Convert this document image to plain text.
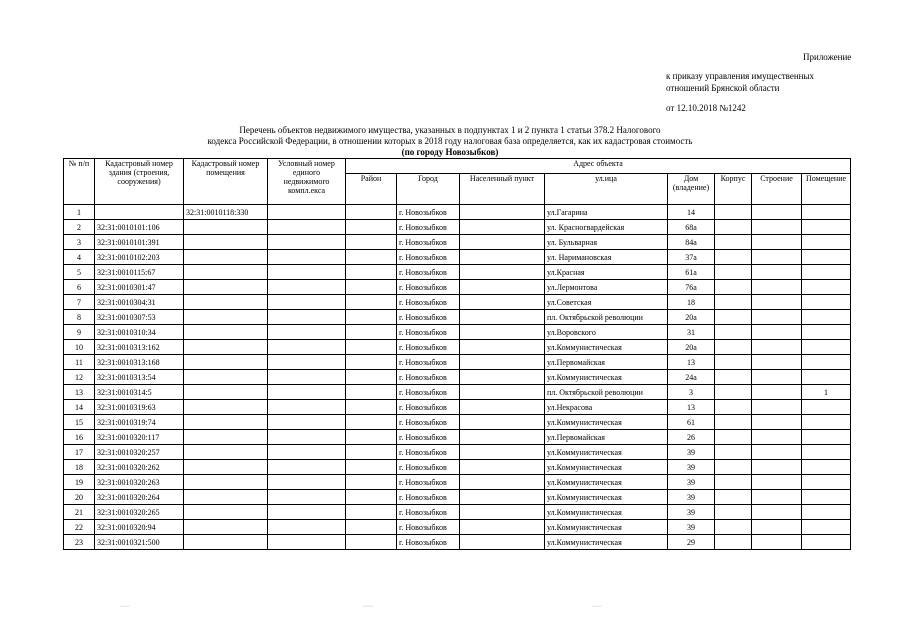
Приложение
к приказу управления имущественных
отношений Брянской области
от 12.10.2018 №1242
Перечень объектов недвижимого имущества, указанных в подпунктах 1 и 2 пункта 1 статьи 378.2 Налогового
кодекса Российской Федерации, в отношении которых в 2018 году налоговая база определяется, как их кадастровая стоимость
(по городу Новозыбков)
№ п/п	Кадастровый номер здания (строения, сооружения)	Кадастровый номер помещения	Условный номер единого недвижимого компл.екса	Адрес объекта							
				Район	Город	Населенный пункт	ул.ица	Дом (владение)	Корпус	Строение	Помещение
1		32:31:0010118:330			г. Новозыбков		ул.Гагарина	14			
2	32:31:0010101:106				г. Новозыбков		ул. Красногвардейская	68а			
3	32:31:0010101:391				г. Новозыбков		ул. Бульварная	84а			
4	32:31:0010102:203				г. Новозыбков		ул. Наримановская	37а			
5	32:31:0010115:67				г. Новозыбков		ул.Красная	61а			
6	32:31:0010301:47				г. Новозыбков		ул.Лермонтова	76а			
7	32:31:0010304:31				г. Новозыбков		ул.Советская	18			
8	32:31:0010307:53				г. Новозыбков		пл. Октябрьской революции	20а			
9	32:31:0010310:34				г. Новозыбков		ул.Воровского	31			
10	32:31:0010313:162				г. Новозыбков		ул.Коммунистическая	20а			
11	32:31:0010313:168				г. Новозыбков		ул.Первомайская	13			
12	32:31:0010313:54				г. Новозыбков		ул.Коммунистическая	24а			
13	32:31:0010314:5				г. Новозыбков		пл. Октябрьской революции	3			1
14	32:31:0010319:63				г. Новозыбков		ул.Некрасова	13			
15	32:31:0010319:74				г. Новозыбков		ул.Коммунистическая	61			
16	32:31:0010320:117				г. Новозыбков		ул.Первомайская	26			
17	32:31:0010320:257				г. Новозыбков		ул.Коммунистическая	39			
18	32:31:0010320:262				г. Новозыбков		ул.Коммунистическая	39			
19	32:31:0010320:263				г. Новозыбков		ул.Коммунистическая	39			
20	32:31:0010320:264				г. Новозыбков		ул.Коммунистическая	39			
21	32:31:0010320:265				г. Новозыбков		ул.Коммунистическая	39			
22	32:31:0010320:94				г. Новозыбков		ул.Коммунистическая	39			
23	32:31:0010321:500				г. Новозыбков		ул.Коммунистическая	29			
·····	·····	·····
